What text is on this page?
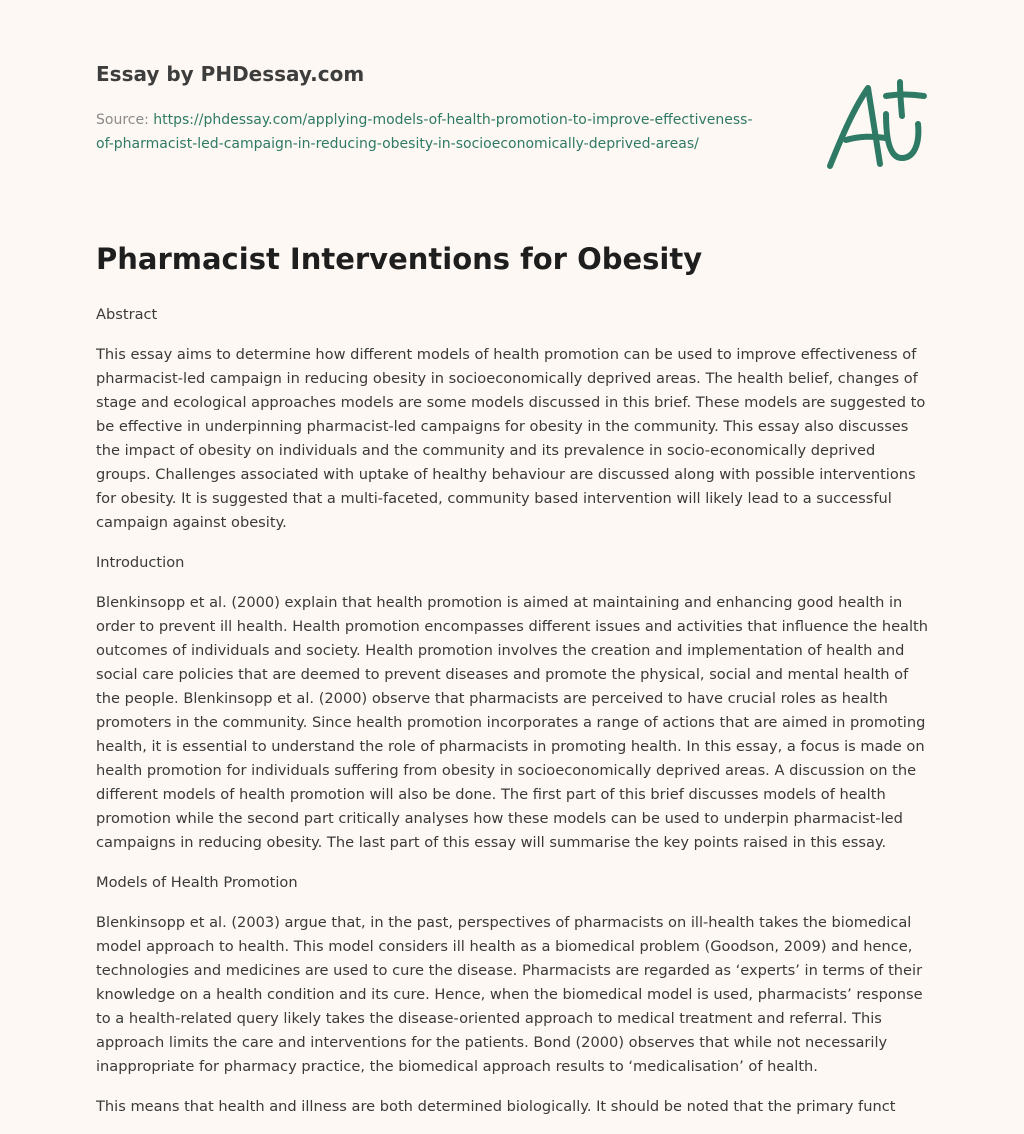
Essay by PHDessay.com
Source: https://phdessay.com/applying-models-of-health-promotion-to-improve-effectiveness-of-pharmacist-led-campaign-in-reducing-obesity-in-socioeconomically-deprived-areas/
Pharmacist Interventions for Obesity
Abstract

This essay aims to determine how different models of health promotion can be used to improve effectiveness of pharmacist-led campaign in reducing obesity in socioeconomically deprived areas. The health belief, changes of stage and ecological approaches models are some models discussed in this brief. These models are suggested to be effective in underpinning pharmacist-led campaigns for obesity in the community. This essay also discusses the impact of obesity on individuals and the community and its prevalence in socio-economically deprived groups. Challenges associated with uptake of healthy behaviour are discussed along with possible interventions for obesity. It is suggested that a multi-faceted, community based intervention will likely lead to a successful campaign against obesity.

Introduction

Blenkinsopp et al. (2000) explain that health promotion is aimed at maintaining and enhancing good health in order to prevent ill health. Health promotion encompasses different issues and activities that influence the health outcomes of individuals and society. Health promotion involves the creation and implementation of health and social care policies that are deemed to prevent diseases and promote the physical, social and mental health of the people. Blenkinsopp et al. (2000) observe that pharmacists are perceived to have crucial roles as health promoters in the community. Since health promotion incorporates a range of actions that are aimed in promoting health, it is essential to understand the role of pharmacists in promoting health. In this essay, a focus is made on health promotion for individuals suffering from obesity in socioeconomically deprived areas. A discussion on the different models of health promotion will also be done. The first part of this brief discusses models of health promotion while the second part critically analyses how these models can be used to underpin pharmacist-led campaigns in reducing obesity. The last part of this essay will summarise the key points raised in this essay.

Models of Health Promotion

Blenkinsopp et al. (2003) argue that, in the past, perspectives of pharmacists on ill-health takes the biomedical model approach to health. This model considers ill health as a biomedical problem (Goodson, 2009) and hence, technologies and medicines are used to cure the disease. Pharmacists are regarded as ‘experts’ in terms of their knowledge on a health condition and its cure. Hence, when the biomedical model is used, pharmacists’ response to a health-related query likely takes the disease-oriented approach to medical treatment and referral. This approach limits the care and interventions for the patients. Bond (2000) observes that while not necessarily inappropriate for pharmacy practice, the biomedical approach results to ‘medicalisation’ of health.

This means that health and illness are both determined biologically. It should be noted that the primary funct
